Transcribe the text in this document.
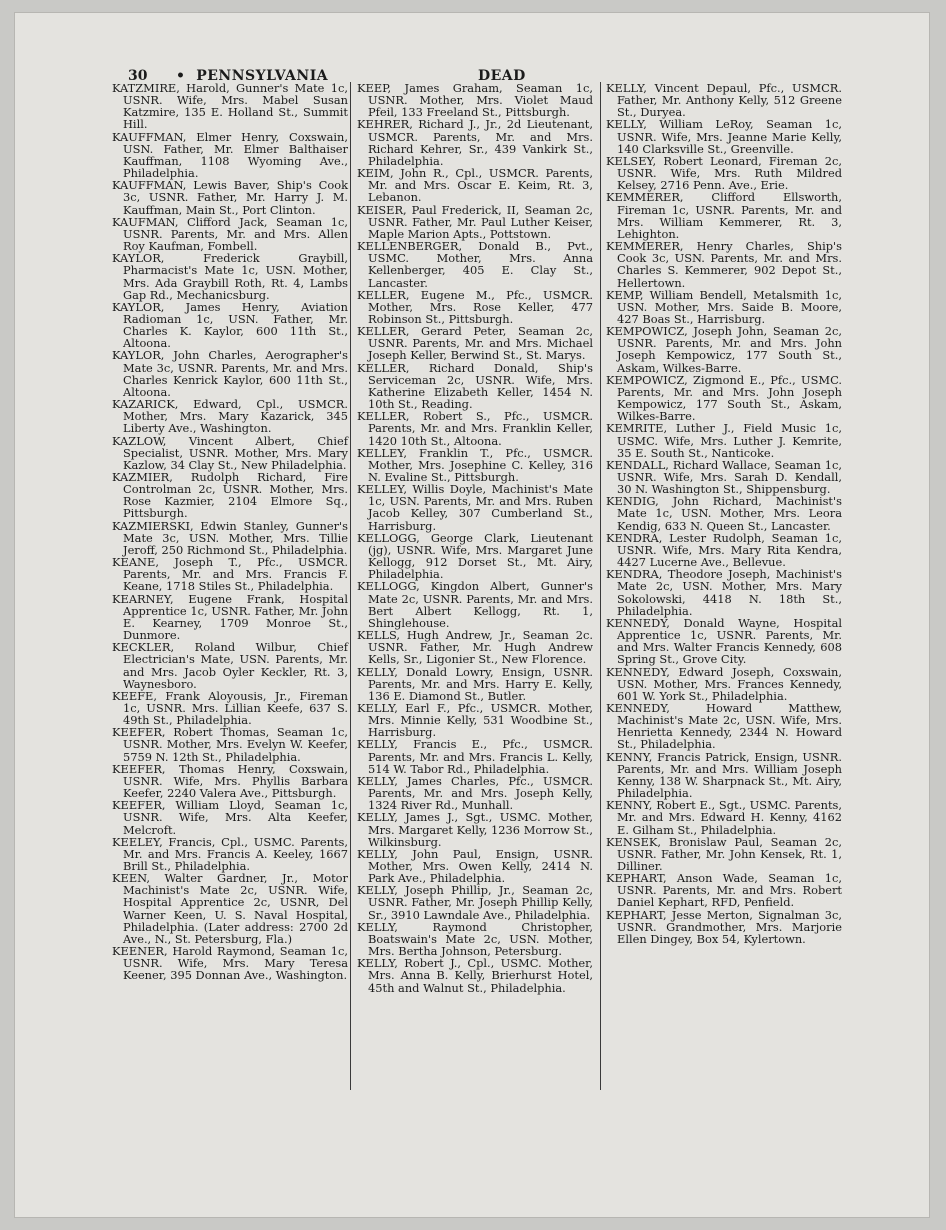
30 •  PENNSYLVANIA	DEAD

KATZMIRE, Harold, Gunner's Mate 1c, USNR. Wife, Mrs. Mabel Susan Katzmire, 135 E. Holland St., Summit Hill.

KAUFFMAN, Elmer Henry, Coxswain, USN. Father, Mr. Elmer Balthaiser Kauffman, 1108 Wyoming Ave., Philadelphia.

KAUFFMAN, Lewis Baver, Ship's Cook 3c, USNR. Father, Mr. Harry J. M. Kauffman, Main St., Port Clinton.

KAUFMAN, Clifford Jack, Seaman 1c, USNR. Parents, Mr. and Mrs. Allen Roy Kaufman, Fombell.

KAYLOR, Frederick Graybill, Pharmacist's Mate 1c, USN. Mother, Mrs. Ada Graybill Roth, Rt. 4, Lambs Gap Rd., Mechanicsburg.

KAYLOR, James Henry, Aviation Radioman 1c, USN. Father, Mr. Charles K. Kaylor, 600 11th St., Altoona.

KAYLOR, John Charles, Aerographer's Mate 3c, USNR. Parents, Mr. and Mrs. Charles Kenrick Kaylor, 600 11th St., Altoona.

KAZARICK, Edward, Cpl., USMCR. Mother, Mrs. Mary Kazarick, 345 Liberty Ave., Washington.

KAZLOW, Vincent Albert, Chief Specialist, USNR. Mother, Mrs. Mary Kazlow, 34 Clay St., New Philadelphia.

KAZMIER, Rudolph Richard, Fire Controlman 2c, USNR. Mother, Mrs. Rose Kazmier, 2104 Elmore Sq., Pittsburgh.

KAZMIERSKI, Edwin Stanley, Gunner's Mate 3c, USN. Mother, Mrs. Tillie Jeroff, 250 Richmond St., Philadelphia.

KEANE, Joseph T., Pfc., USMCR. Parents, Mr. and Mrs. Francis F. Keane, 1718 Stiles St., Philadelphia.

KEARNEY, Eugene Frank, Hospital Apprentice 1c, USNR. Father, Mr. John E. Kearney, 1709 Monroe St., Dunmore.

KECKLER, Roland Wilbur, Chief Electrician's Mate, USN. Parents, Mr. and Mrs. Jacob Oyler Keckler, Rt. 3, Waynesboro.

KEEFE, Frank Aloyousis, Jr., Fireman 1c, USNR. Mrs. Lillian Keefe, 637 S. 49th St., Philadelphia.

KEEFER, Robert Thomas, Seaman 1c, USNR. Mother, Mrs. Evelyn W. Keefer, 5759 N. 12th St., Philadelphia.

KEEFER, Thomas Henry, Coxswain, USNR. Wife, Mrs. Phyllis Barbara Keefer, 2240 Valera Ave., Pittsburgh.

KEEFER, William Lloyd, Seaman 1c, USNR. Wife, Mrs. Alta Keefer, Melcroft.

KEELEY, Francis, Cpl., USMC. Parents, Mr. and Mrs. Francis A. Keeley, 1667 Brill St., Philadelphia.

KEEN, Walter Gardner, Jr., Motor Machinist's Mate 2c, USNR. Wife, Hospital Apprentice 2c, USNR, Del Warner Keen, U. S. Naval Hospital, Philadelphia. (Later address: 2700 2d Ave., N., St. Petersburg, Fla.)

KEENER, Harold Raymond, Seaman 1c, USNR. Wife, Mrs. Mary Teresa Keener, 395 Donnan Ave., Washington.

KEEP, James Graham, Seaman 1c, USNR. Mother, Mrs. Violet Maud Pfeil, 133 Freeland St., Pittsburgh.

KEHRER, Richard J., Jr., 2d Lieutenant, USMCR. Parents, Mr. and Mrs. Richard Kehrer, Sr., 439 Vankirk St., Philadelphia.

KEIM, John R., Cpl., USMCR. Parents, Mr. and Mrs. Oscar E. Keim, Rt. 3, Lebanon.

KEISER, Paul Frederick, II, Seaman 2c, USNR. Father, Mr. Paul Luther Keiser, Maple Marion Apts., Pottstown.

KELLENBERGER, Donald B., Pvt., USMC. Mother, Mrs. Anna Kellenberger, 405 E. Clay St., Lancaster.

KELLER, Eugene M., Pfc., USMCR. Mother, Mrs. Rose Keller, 477 Robinson St., Pittsburgh.

KELLER, Gerard Peter, Seaman 2c, USNR. Parents, Mr. and Mrs. Michael Joseph Keller, Berwind St., St. Marys.

KELLER, Richard Donald, Ship's Serviceman 2c, USNR. Wife, Mrs. Katherine Elizabeth Keller, 1454 N. 10th St., Reading.

KELLER, Robert S., Pfc., USMCR. Parents, Mr. and Mrs. Franklin Keller, 1420 10th St., Altoona.

KELLEY, Franklin T., Pfc., USMCR. Mother, Mrs. Josephine C. Kelley, 316 N. Evaline St., Pittsburgh.

KELLEY, Willis Doyle, Machinist's Mate 1c, USN. Parents, Mr. and Mrs. Ruben Jacob Kelley, 307 Cumberland St., Harrisburg.

KELLOGG, George Clark, Lieutenant (jg), USNR. Wife, Mrs. Margaret June Kellogg, 912 Dorset St., Mt. Airy, Philadelphia.

KELLOGG, Kingdon Albert, Gunner's Mate 2c, USNR. Parents, Mr. and Mrs. Bert Albert Kellogg, Rt. 1, Shinglehouse.

KELLS, Hugh Andrew, Jr., Seaman 2c. USNR. Father, Mr. Hugh Andrew Kells, Sr., Ligonier St., New Florence.

KELLY, Donald Lowry, Ensign, USNR. Parents, Mr. and Mrs. Harry E. Kelly, 136 E. Diamond St., Butler.

KELLY, Earl F., Pfc., USMCR. Mother, Mrs. Minnie Kelly, 531 Woodbine St., Harrisburg.

KELLY, Francis E., Pfc., USMCR. Parents, Mr. and Mrs. Francis L. Kelly, 514 W. Tabor Rd., Philadelphia.

KELLY, James Charles, Pfc., USMCR. Parents, Mr. and Mrs. Joseph Kelly, 1324 River Rd., Munhall.

KELLY, James J., Sgt., USMC. Mother, Mrs. Margaret Kelly, 1236 Morrow St., Wilkinsburg.

KELLY, John Paul, Ensign, USNR. Mother, Mrs. Owen Kelly, 2414 N. Park Ave., Philadelphia.

KELLY, Joseph Phillip, Jr., Seaman 2c, USNR. Father, Mr. Joseph Phillip Kelly, Sr., 3910 Lawndale Ave., Philadelphia.

KELLY, Raymond Christopher, Boatswain's Mate 2c, USN. Mother, Mrs. Bertha Johnson, Petersburg.

KELLY, Robert J., Cpl., USMC. Mother, Mrs. Anna B. Kelly, Brierhurst Hotel, 45th and Walnut St., Philadelphia.

KELLY, Vincent Depaul, Pfc., USMCR. Father, Mr. Anthony Kelly, 512 Greene St., Duryea.

KELLY, William LeRoy, Seaman 1c, USNR. Wife, Mrs. Jeanne Marie Kelly, 140 Clarksville St., Greenville.

KELSEY, Robert Leonard, Fireman 2c, USNR. Wife, Mrs. Ruth Mildred Kelsey, 2716 Penn. Ave., Erie.

KEMMERER, Clifford Ellsworth, Fireman 1c, USNR. Parents, Mr. and Mrs. William Kemmerer, Rt. 3, Lehighton.

KEMMERER, Henry Charles, Ship's Cook 3c, USN. Parents, Mr. and Mrs. Charles S. Kemmerer, 902 Depot St., Hellertown.

KEMP, William Bendell, Metalsmith 1c, USN. Mother, Mrs. Saide B. Moore, 427 Boas St., Harrisburg.

KEMPOWICZ, Joseph John, Seaman 2c, USNR. Parents, Mr. and Mrs. John Joseph Kempowicz, 177 South St., Askam, Wilkes-Barre.

KEMPOWICZ, Zigmond E., Pfc., USMC. Parents, Mr. and Mrs. John Joseph Kempowicz, 177 South St., Askam, Wilkes-Barre.

KEMRITE, Luther J., Field Music 1c, USMC. Wife, Mrs. Luther J. Kemrite, 35 E. South St., Nanticoke.

KENDALL, Richard Wallace, Seaman 1c, USNR. Wife, Mrs. Sarah D. Kendall, 30 N. Washington St., Shippensburg.

KENDIG, John Richard, Machinist's Mate 1c, USN. Mother, Mrs. Leora Kendig, 633 N. Queen St., Lancaster.

KENDRA, Lester Rudolph, Seaman 1c, USNR. Wife, Mrs. Mary Rita Kendra, 4427 Lucerne Ave., Bellevue.

KENDRA, Theodore Joseph, Machinist's Mate 2c, USN. Mother, Mrs. Mary Sokolowski, 4418 N. 18th St., Philadelphia.

KENNEDY, Donald Wayne, Hospital Apprentice 1c, USNR. Parents, Mr. and Mrs. Walter Francis Kennedy, 608 Spring St., Grove City.

KENNEDY, Edward Joseph, Coxswain, USN. Mother, Mrs. Frances Kennedy, 601 W. York St., Philadelphia.

KENNEDY, Howard Matthew, Machinist's Mate 2c, USN. Wife, Mrs. Henrietta Kennedy, 2344 N. Howard St., Philadelphia.

KENNY, Francis Patrick, Ensign, USNR. Parents, Mr. and Mrs. William Joseph Kenny, 138 W. Sharpnack St., Mt. Airy, Philadelphia.

KENNY, Robert E., Sgt., USMC. Parents, Mr. and Mrs. Edward H. Kenny, 4162 E. Gilham St., Philadelphia.

KENSEK, Bronislaw Paul, Seaman 2c, USNR. Father, Mr. John Kensek, Rt. 1, Dilliner.

KEPHART, Anson Wade, Seaman 1c, USNR. Parents, Mr. and Mrs. Robert Daniel Kephart, RFD, Penfield.

KEPHART, Jesse Merton, Signalman 3c, USNR. Grandmother, Mrs. Marjorie Ellen Dingey, Box 54, Kylertown.
